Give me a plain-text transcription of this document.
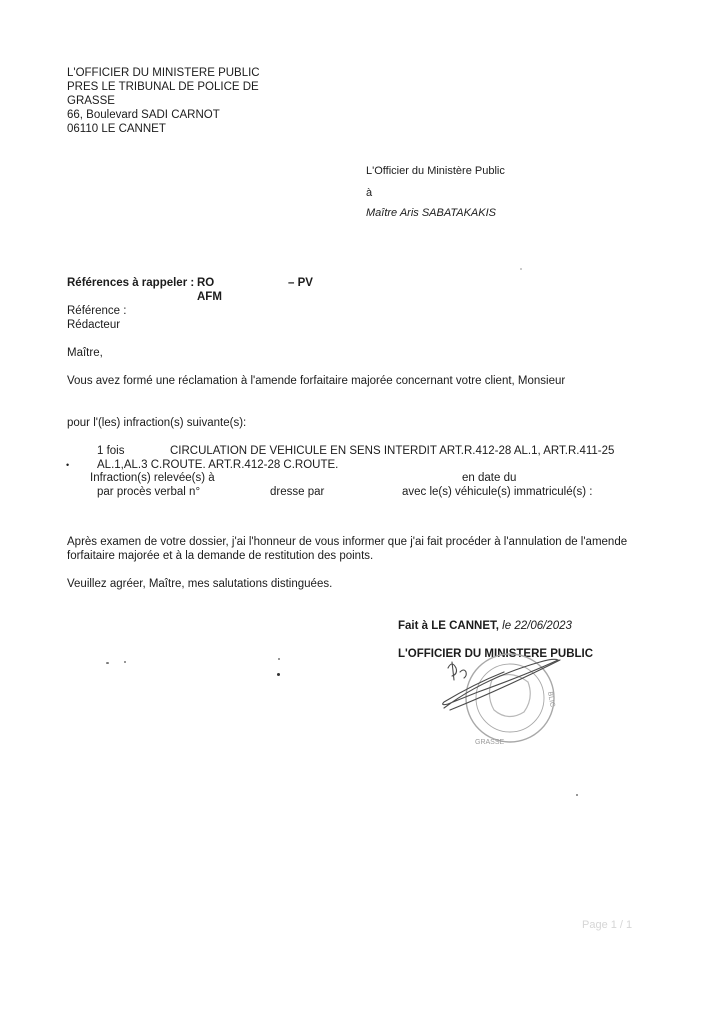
L'OFFICIER DU MINISTERE PUBLIC
PRES LE TRIBUNAL DE POLICE DE
GRASSE
66, Boulevard SADI CARNOT
06110 LE CANNET
L'Officier du Ministère Public
à
Maître Aris SABATAKAKIS
Références à rappeler : RO	– PV
AFM
Référence :
Rédacteur
Maître,
Vous avez formé une réclamation à l'amende forfaitaire majorée concernant votre client, Monsieur
pour l'(les) infraction(s) suivante(s):
•
1 fois	CIRCULATION DE VEHICULE EN SENS INTERDIT ART.R.412-28 AL.1, ART.R.411-25
AL.1,AL.3 C.ROUTE. ART.R.412-28 C.ROUTE.
Infraction(s) relevée(s) à	en date du
par procès verbal n°	dresse par	avec le(s) véhicule(s) immatriculé(s) :
Après examen de votre dossier, j'ai l'honneur de vous informer que j'ai fait procéder à l'annulation de l'amende
forfaitaire majorée et à la demande de restitution des points.
Veuillez agréer, Maître, mes salutations distinguées.
Fait à LE CANNET, le 22/06/2023
L'OFFICIER DU MINISTERE PUBLIC
GRASSE
BLIC
Page 1 / 1
